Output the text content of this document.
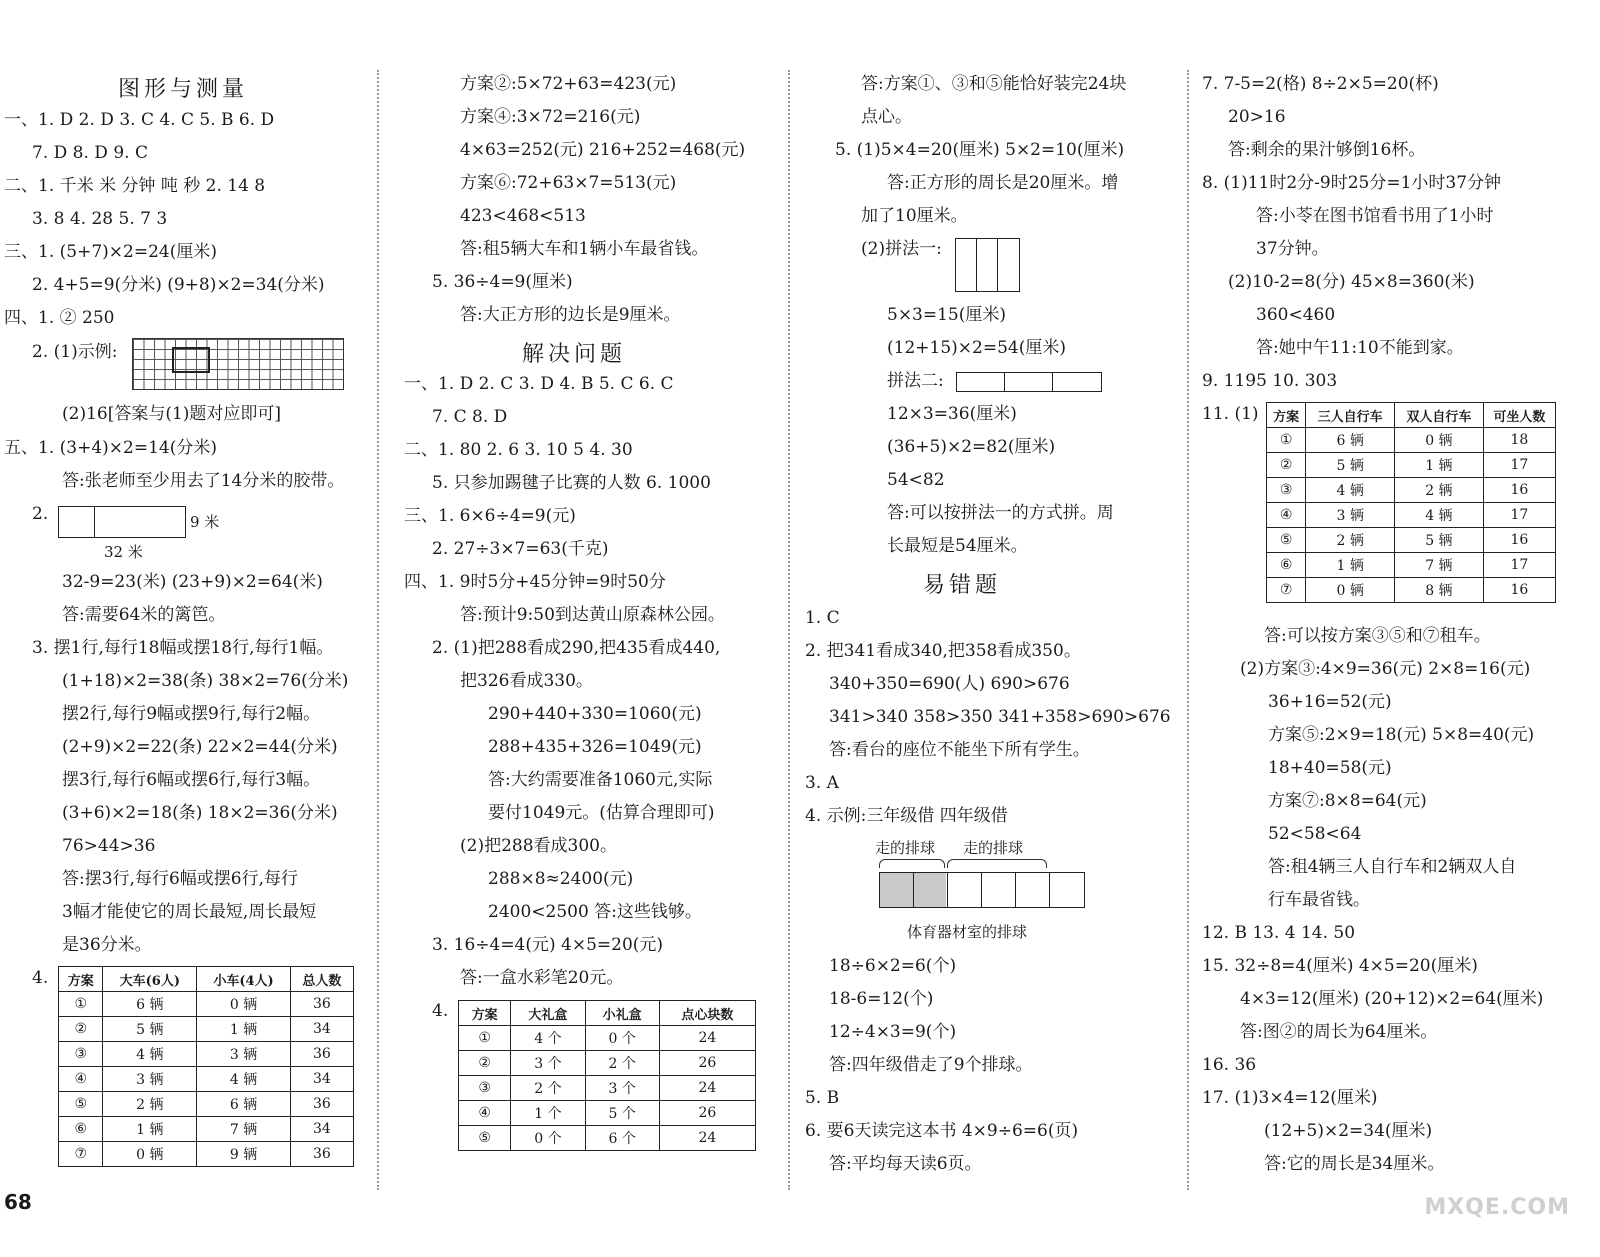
图形与测量
一、1. D 2. D 3. C 4. C 5. B 6. D
7. D 8. D 9. C
二、1. 千米 米 分钟 吨 秒 2. 14 8
3. 8 4. 28 5. 7 3
三、1. (5+7)×2=24(厘米)
2. 4+5=9(分米) (9+8)×2=34(分米)
四、1. ② 250
2. (1)示例:
(2)16[答案与(1)题对应即可]
五、1. (3+4)×2=14(分米)
答:张老师至少用去了14分米的胶带。
2.	9 米
32 米
32-9=23(米) (23+9)×2=64(米)
答:需要64米的篱笆。
3. 摆1行,每行18幅或摆18行,每行1幅。
(1+18)×2=38(条) 38×2=76(分米)
摆2行,每行9幅或摆9行,每行2幅。
(2+9)×2=22(条) 22×2=44(分米)
摆3行,每行6幅或摆6行,每行3幅。
(3+6)×2=18(条) 18×2=36(分米)
76>44>36
答:摆3行,每行6幅或摆6行,每行
3幅才能使它的周长最短,周长最短
是36分米。
4. 方案	大车(6人)	小车(4人)	总人数
①	6 辆	0 辆	36
②	5 辆	1 辆	34
③	4 辆	3 辆	36
④	3 辆	4 辆	34
⑤	2 辆	6 辆	36
⑥	1 辆	7 辆	34
⑦	0 辆	9 辆	36
方案②:5×72+63=423(元)
方案④:3×72=216(元)
4×63=252(元) 216+252=468(元)
方案⑥:72+63×7=513(元)
423<468<513
答:租5辆大车和1辆小车最省钱。
5. 36÷4=9(厘米)
答:大正方形的边长是9厘米。
解决问题
一、1. D 2. C 3. D 4. B 5. C 6. C
7. C 8. D
二、1. 80 2. 6 3. 10 5 4. 30
5. 只参加踢毽子比赛的人数 6. 1000
三、1. 6×6÷4=9(元)
2. 27÷3×7=63(千克)
四、1. 9时5分+45分钟=9时50分
答:预计9:50到达黄山原森林公园。
2. (1)把288看成290,把435看成440,
把326看成330。
290+440+330=1060(元)
288+435+326=1049(元)
答:大约需要准备1060元,实际
要付1049元。(估算合理即可)
(2)把288看成300。
288×8≈2400(元)
2400<2500 答:这些钱够。
3. 16÷4=4(元) 4×5=20(元)
答:一盒水彩笔20元。
4. 方案	大礼盒	小礼盒	点心块数
①	4 个	0 个	24
②	3 个	2 个	26
③	2 个	3 个	24
④	1 个	5 个	26
⑤	0 个	6 个	24
答:方案①、③和⑤能恰好装完24块
点心。
5. (1)5×4=20(厘米) 5×2=10(厘米)
答:正方形的周长是20厘米。增
加了10厘米。
(2)拼法一:
5×3=15(厘米)
(12+15)×2=54(厘米)
拼法二:
12×3=36(厘米)
(36+5)×2=82(厘米)
54<82
答:可以按拼法一的方式拼。周
长最短是54厘米。
易错题
1. C
2. 把341看成340,把358看成350。
340+350=690(人) 690>676
341>340 358>350 341+358>690>676
答:看台的座位不能坐下所有学生。
3. A
4. 示例:三年级借 四年级借
走的排球 走的排球
体育器材室的排球
18÷6×2=6(个)
18-6=12(个)
12÷4×3=9(个)
答:四年级借走了9个排球。
5. B
6. 要6天读完这本书 4×9÷6=6(页)
答:平均每天读6页。
7. 7-5=2(格) 8÷2×5=20(杯)
20>16
答:剩余的果汁够倒16杯。
8. (1)11时2分-9时25分=1小时37分钟
答:小苓在图书馆看书用了1小时
37分钟。
(2)10-2=8(分) 45×8=360(米)
360<460
答:她中午11:10不能到家。
9. 1195 10. 303
11. (1) 方案	三人自行车	双人自行车	可坐人数
①	6 辆	0 辆	18
②	5 辆	1 辆	17
③	4 辆	2 辆	16
④	3 辆	4 辆	17
⑤	2 辆	5 辆	16
⑥	1 辆	7 辆	17
⑦	0 辆	8 辆	16
答:可以按方案③⑤和⑦租车。
(2)方案③:4×9=36(元) 2×8=16(元)
36+16=52(元)
方案⑤:2×9=18(元) 5×8=40(元)
18+40=58(元)
方案⑦:8×8=64(元)
52<58<64
答:租4辆三人自行车和2辆双人自
行车最省钱。
12. B 13. 4 14. 50
15. 32÷8=4(厘米) 4×5=20(厘米)
4×3=12(厘米) (20+12)×2=64(厘米)
答:图②的周长为64厘米。
16. 36
17. (1)3×4=12(厘米)
(12+5)×2=34(厘米)
答:它的周长是34厘米。
68	MXQE.COM
